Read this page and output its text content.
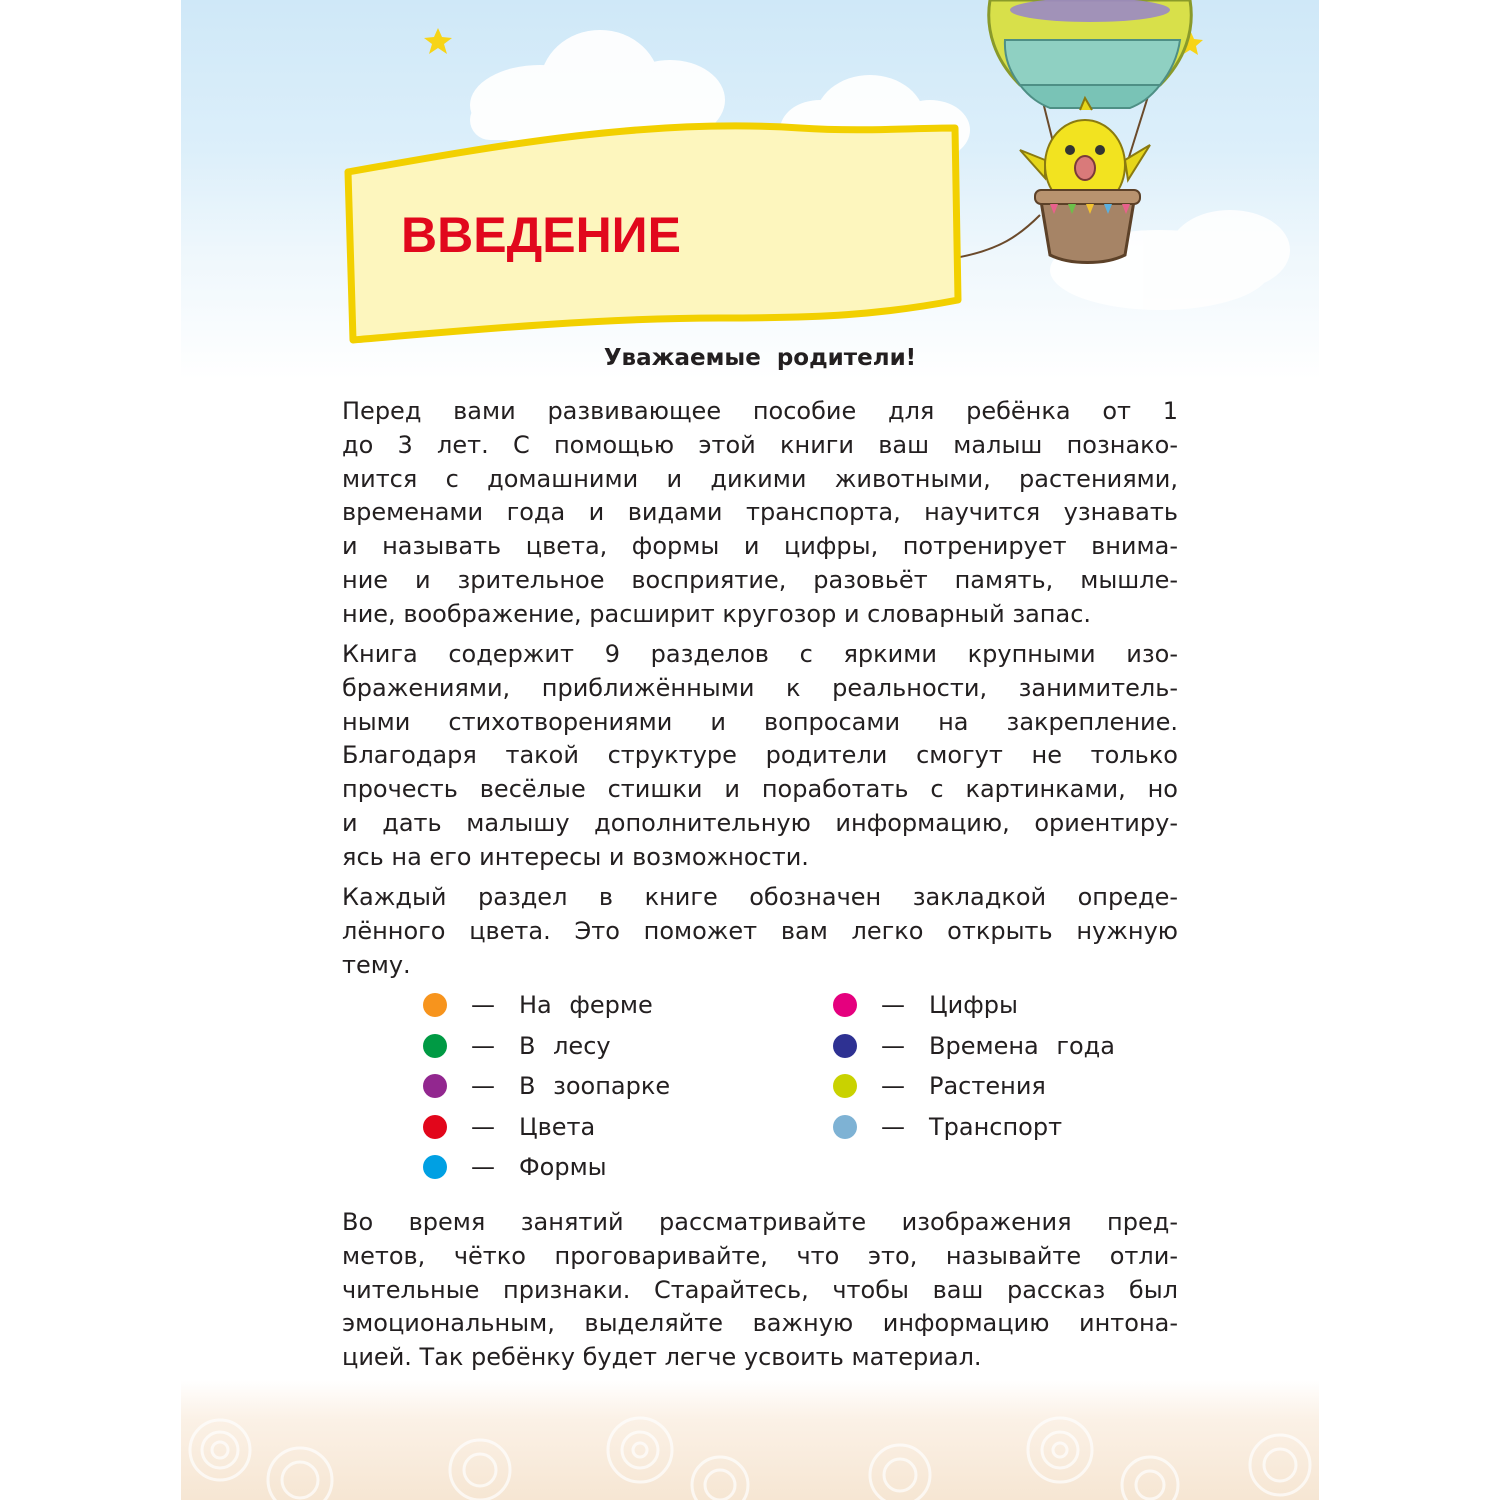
ВВЕДЕНИЕ
Уважаемые родители!
Перед вами развивающее пособие для ребёнка от 1
до 3 лет. С помощью этой книги ваш малыш познако-
мится с домашними и дикими животными, растениями,
временами года и видами транспорта, научится узнавать
и называть цвета, формы и цифры, потренирует внима-
ние и зрительное восприятие, разовьёт память, мышле-
ние, воображение, расширит кругозор и словарный запас.
Книга содержит 9 разделов с яркими крупными изо-
бражениями, приближёнными к реальности, занимитель-
ными стихотворениями и вопросами на закрепление.
Благодаря такой структуре родители смогут не только
прочесть весёлые стишки и поработать с картинками, но
и дать малышу дополнительную информацию, ориентиру-
ясь на его интересы и возможности.
Каждый раздел в книге обозначен закладкой опреде-
лённого цвета. Это поможет вам легко открыть нужную
тему.
— На ферме
— В лесу
— В зоопарке
— Цвета
— Формы
— Цифры
— Времена года
— Растения
— Транспорт
Во время занятий рассматривайте изображения пред-
метов, чётко проговаривайте, что это, называйте отли-
чительные признаки. Старайтесь, чтобы ваш рассказ был
эмоциональным, выделяйте важную информацию интона-
цией. Так ребёнку будет легче усвоить материал.
